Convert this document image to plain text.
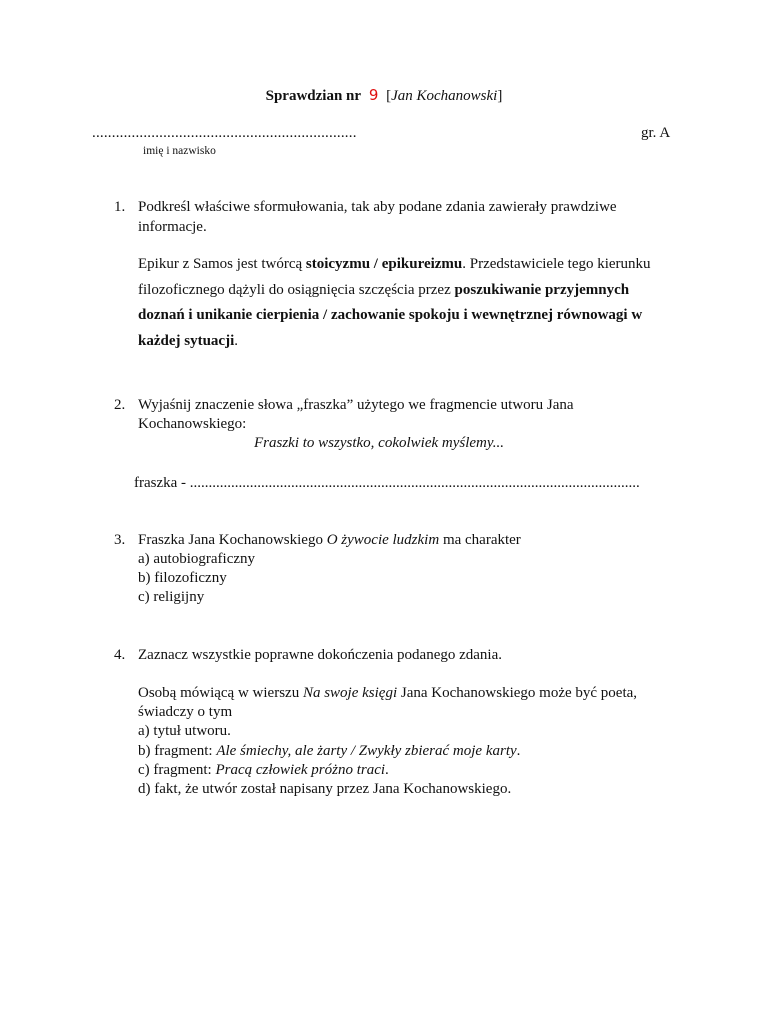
Sprawdzian nr 9 [Jan Kochanowski]
...................................................................	gr. A
imię i nazwisko
1. Podkreśl właściwe sformułowania, tak aby podane zdania zawierały prawdziwe
informacje.
Epikur z Samos jest twórcą stoicyzmu / epikureizmu. Przedstawiciele tego kierunku
filozoficznego dążyli do osiągnięcia szczęścia przez poszukiwanie przyjemnych
doznań i unikanie cierpienia / zachowanie spokoju i wewnętrznej równowagi w
każdej sytuacji.
2. Wyjaśnij znaczenie słowa „fraszka” użytego we fragmencie utworu Jana
Kochanowskiego:
Fraszki to wszystko, cokolwiek myślemy...
fraszka - ........................................................................................................................
3. Fraszka Jana Kochanowskiego O żywocie ludzkim ma charakter
a) autobiograficzny
b) filozoficzny
c) religijny
4. Zaznacz wszystkie poprawne dokończenia podanego zdania.
Osobą mówiącą w wierszu Na swoje księgi Jana Kochanowskiego może być poeta,
świadczy o tym
a) tytuł utworu.
b) fragment: Ale śmiechy, ale żarty / Zwykły zbierać moje karty.
c) fragment: Pracą człowiek próżno traci.
d) fakt, że utwór został napisany przez Jana Kochanowskiego.
